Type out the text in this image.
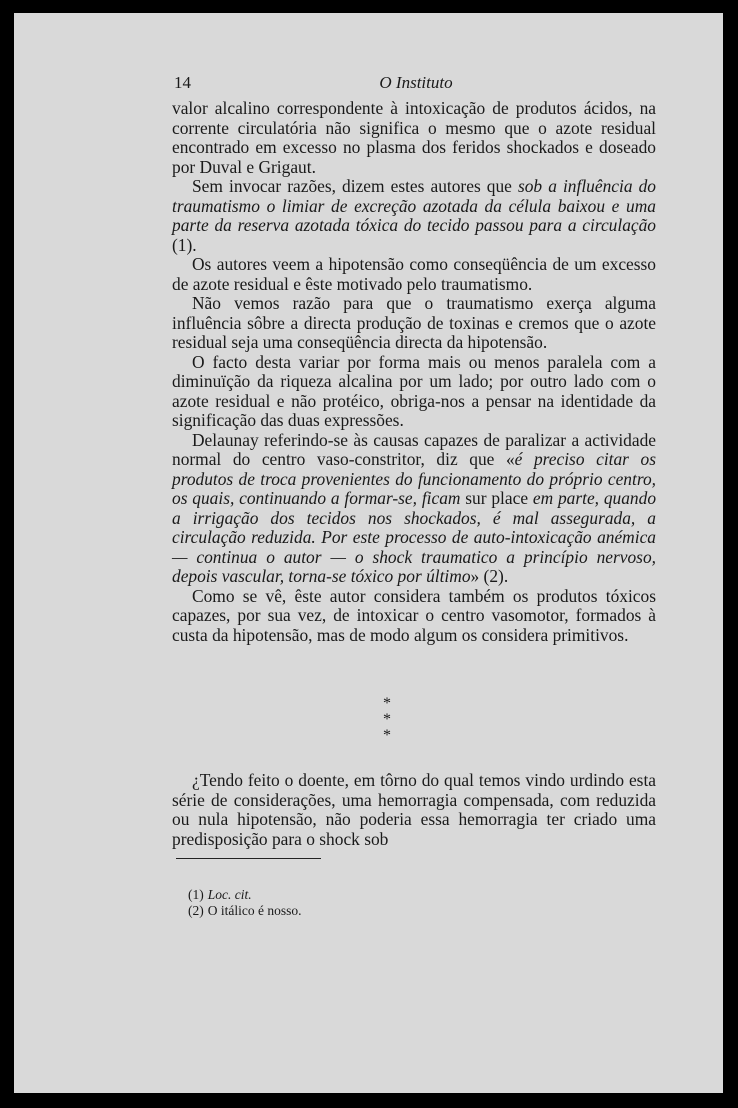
14	O Instituto

valor alcalino correspondente à intoxicação de produtos ácidos, na corrente circulatória não significa o mesmo que o azote residual encontrado em excesso no plasma dos feridos shockados e doseado por Duval e Grigaut.

Sem invocar razões, dizem estes autores que sob a influência do traumatismo o limiar de excreção azotada da célula baixou e uma parte da reserva azotada tóxica do tecido passou para a circulação (1).

Os autores veem a hipotensão como conseqüência de um excesso de azote residual e êste motivado pelo traumatismo.

Não vemos razão para que o traumatismo exerça alguma influência sôbre a directa produção de toxinas e cremos que o azote residual seja uma conseqüência directa da hipotensão.

O facto desta variar por forma mais ou menos paralela com a diminuïção da riqueza alcalina por um lado; por outro lado com o azote residual e não protéico, obriga-nos a pensar na identidade da significação das duas expressões.

Delaunay referindo-se às causas capazes de paralizar a actividade normal do centro vaso-constritor, diz que «é preciso citar os produtos de troca provenientes do funcionamento do próprio centro, os quais, continuando a formar-se, ficam sur place em parte, quando a irrigação dos tecidos nos shockados, é mal assegurada, a circulação reduzida. Por este processo de auto-intoxicação anémica — continua o autor — o shock traumatico a princípio nervoso, depois vascular, torna-se tóxico por último» (2).

Como se vê, êste autor considera também os produtos tóxicos capazes, por sua vez, de intoxicar o centro vasomotor, formados à custa da hipotensão, mas de modo algum os considera primitivos.

*
* *

¿Tendo feito o doente, em tôrno do qual temos vindo urdindo esta série de considerações, uma hemorragia compensada, com reduzida ou nula hipotensão, não poderia essa hemorragia ter criado uma predisposição para o shock sob

(1) Loc. cit.
(2) O itálico é nosso.
